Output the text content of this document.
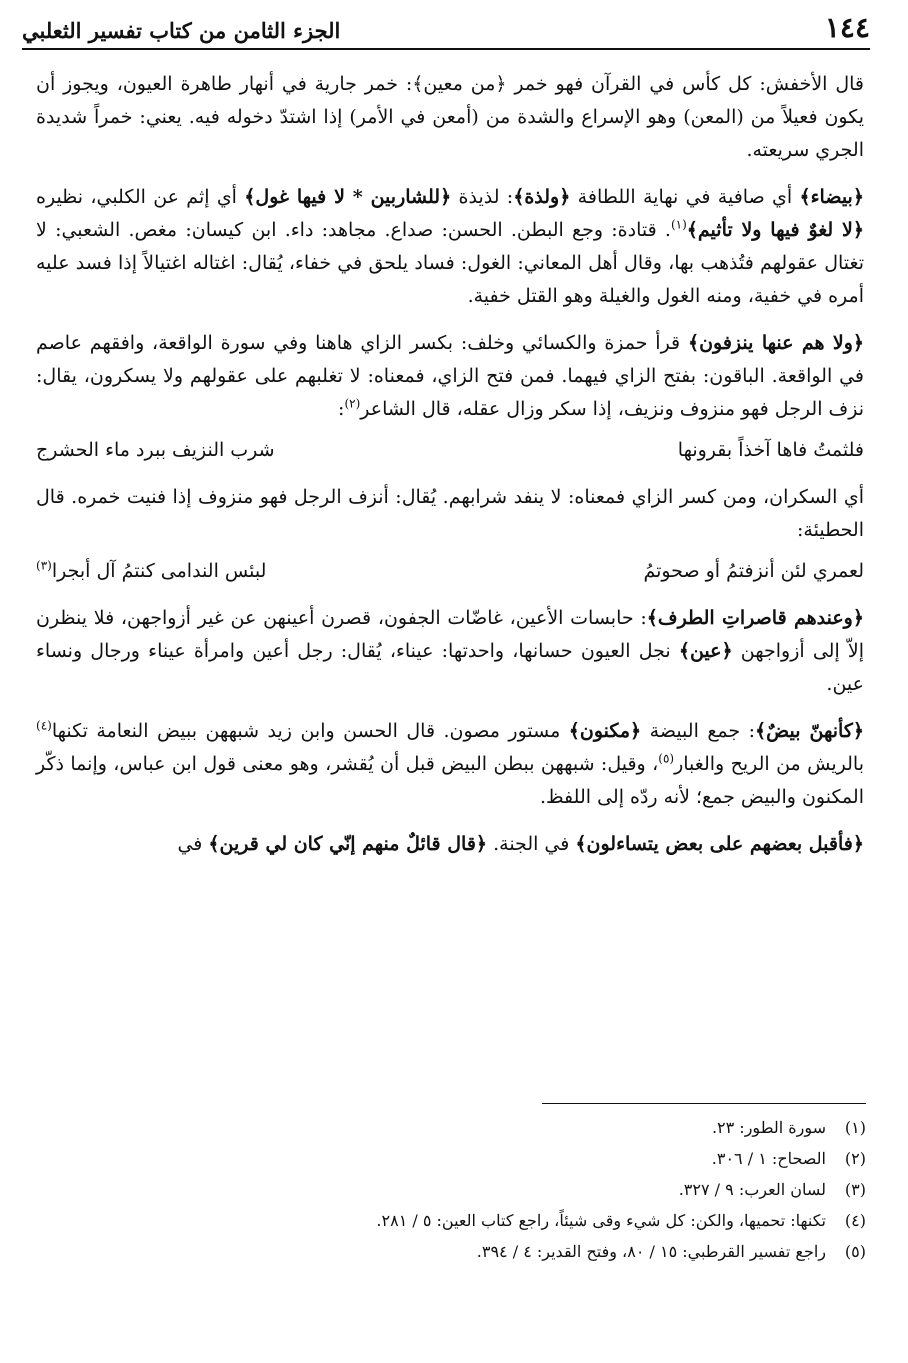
١٤٤
الجزء الثامن من كتاب تفسير الثعلبي

قال الأخفش: كل كأس في القرآن فهو خمر ﴿من معين﴾: خمر جارية في أنهار طاهرة العيون، ويجوز أن يكون فعيلاً من (المعن) وهو الإسراع والشدة من (أمعن في الأمر) إذا اشتدّ دخوله فيه. يعني: خمراً شديدة الجري سريعته.

﴿بيضاء﴾ أي صافية في نهاية اللطافة ﴿ولذة﴾: لذيذة ﴿للشاربين * لا فيها غول﴾ أي إثم عن الكلبي، نظيره ﴿لا لغوٌ فيها ولا تأثيم﴾$^{(١)}$. قتادة: وجع البطن. الحسن: صداع. مجاهد: داء. ابن كيسان: مغص. الشعبي: لا تغتال عقولهم فتُذهب بها، وقال أهل المعاني: الغول: فساد يلحق في خفاء، يُقال: اغتاله اغتيالاً إذا فسد عليه أمره في خفية، ومنه الغول والغيلة وهو القتل خفية.

﴿ولا هم عنها ينزفون﴾ قرأ حمزة والكسائي وخلف: بكسر الزاي هاهنا وفي سورة الواقعة، وافقهم عاصم في الواقعة. الباقون: بفتح الزاي فيهما. فمن فتح الزاي، فمعناه: لا تغلبهم على عقولهم ولا يسكرون، يقال: نزف الرجل فهو منزوف ونزيف، إذا سكر وزال عقله، قال الشاعر$^{(٢)}$:

فلثمتُ فاها آخذاً بقرونها
شرب النزيف ببرد ماء الحشرج

أي السكران، ومن كسر الزاي فمعناه: لا ينفد شرابهم. يُقال: أنزف الرجل فهو منزوف إذا فنيت خمره. قال الحطيئة:

لعمري لئن أنزفتمُ أو صحوتمُ
لبئس الندامى كنتمُ آل أبجرا$^{(٣)}$

﴿وعندهم قاصراتِ الطرف﴾: حابسات الأعين، غاضّات الجفون، قصرن أعينهن عن غير أزواجهن، فلا ينظرن إلاّ إلى أزواجهن ﴿عين﴾ نجل العيون حسانها، واحدتها: عيناء، يُقال: رجل أعين وامرأة عيناء ورجال ونساء عين.

﴿كأنهنّ بيضٌ﴾: جمع البيضة ﴿مكنون﴾ مستور مصون. قال الحسن وابن زيد شبههن ببيض النعامة تكنها$^{(٤)}$ بالريش من الريح والغبار$^{(٥)}$، وقيل: شبههن ببطن البيض قبل أن يُقشر، وهو معنى قول ابن عباس، وإنما ذكّر المكنون والبيض جمع؛ لأنه ردّه إلى اللفظ.

﴿فأقبل بعضهم على بعض يتساءلون﴾ في الجنة. ﴿قال قائلٌ منهم إنّي كان لي قرين﴾ في

(١)
سورة الطور: ٢٣.
(٢)
الصحاح: ١ / ٣٠٦.
(٣)
لسان العرب: ٩ / ٣٢٧.
(٤)
تكنها: تحميها، والكن: كل شيء وقى شيئاً، راجع كتاب العين: ٥ / ٢٨١.
(٥)
راجع تفسير القرطبي: ١٥ / ٨٠، وفتح القدير: ٤ / ٣٩٤.
